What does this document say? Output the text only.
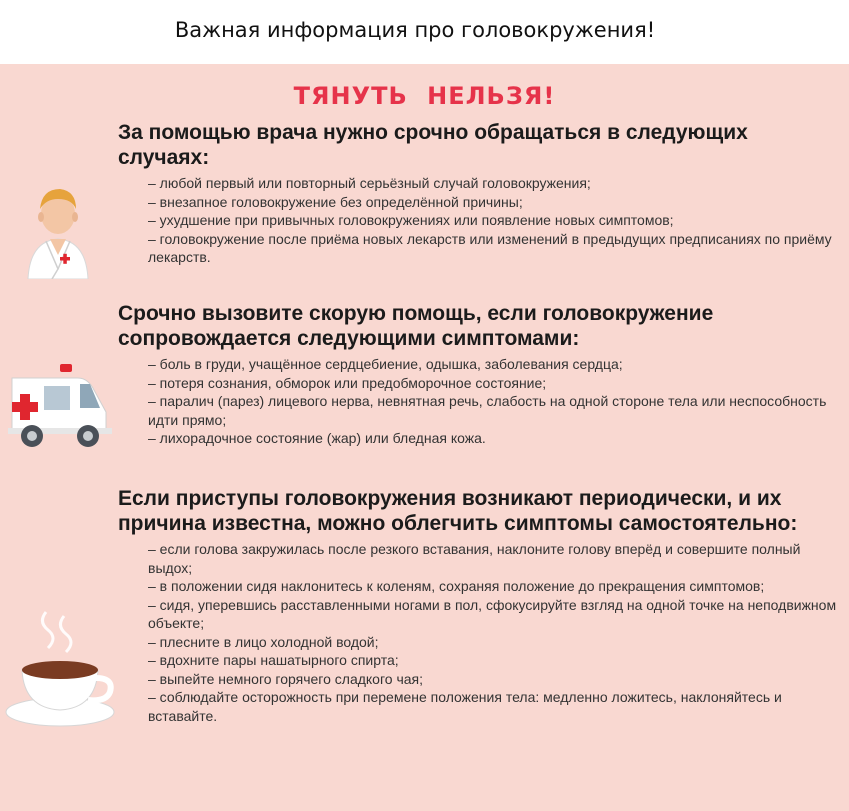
Важная информация про головокружения!
ТЯНУТЬ НЕЛЬЗЯ!
За помощью врача нужно срочно обращаться в следующих случаях:
– любой первый или повторный серьёзный случай головокружения;
– внезапное головокружение без определённой причины;
– ухудшение при привычных головокружениях или появление новых симптомов;
– головокружение после приёма новых лекарств или изменений в предыдущих предписаниях по приёму лекарств.
Срочно вызовите скорую помощь, если головокружение сопровождается следующими симптомами:
– боль в груди, учащённое сердцебиение, одышка, заболевания сердца;
– потеря сознания, обморок или предобморочное состояние;
– паралич (парез) лицевого нерва, невнятная речь, слабость на одной стороне тела или неспособность идти прямо;
– лихорадочное состояние (жар) или бледная кожа.
Если приступы головокружения возникают периодически, и их причина известна, можно облегчить симптомы самостоятельно:
– если голова закружилась после резкого вставания, наклоните голову вперёд и совершите полный выдох;
– в положении сидя наклонитесь к коленям, сохраняя положение до прекращения симптомов;
– сидя, уперевшись расставленными ногами в пол, сфокусируйте взгляд на одной точке на неподвижном объекте;
– плесните в лицо холодной водой;
– вдохните пары нашатырного спирта;
– выпейте немного горячего сладкого чая;
– соблюдайте осторожность при перемене положения тела: медленно ложитесь, наклоняйтесь и вставайте.
